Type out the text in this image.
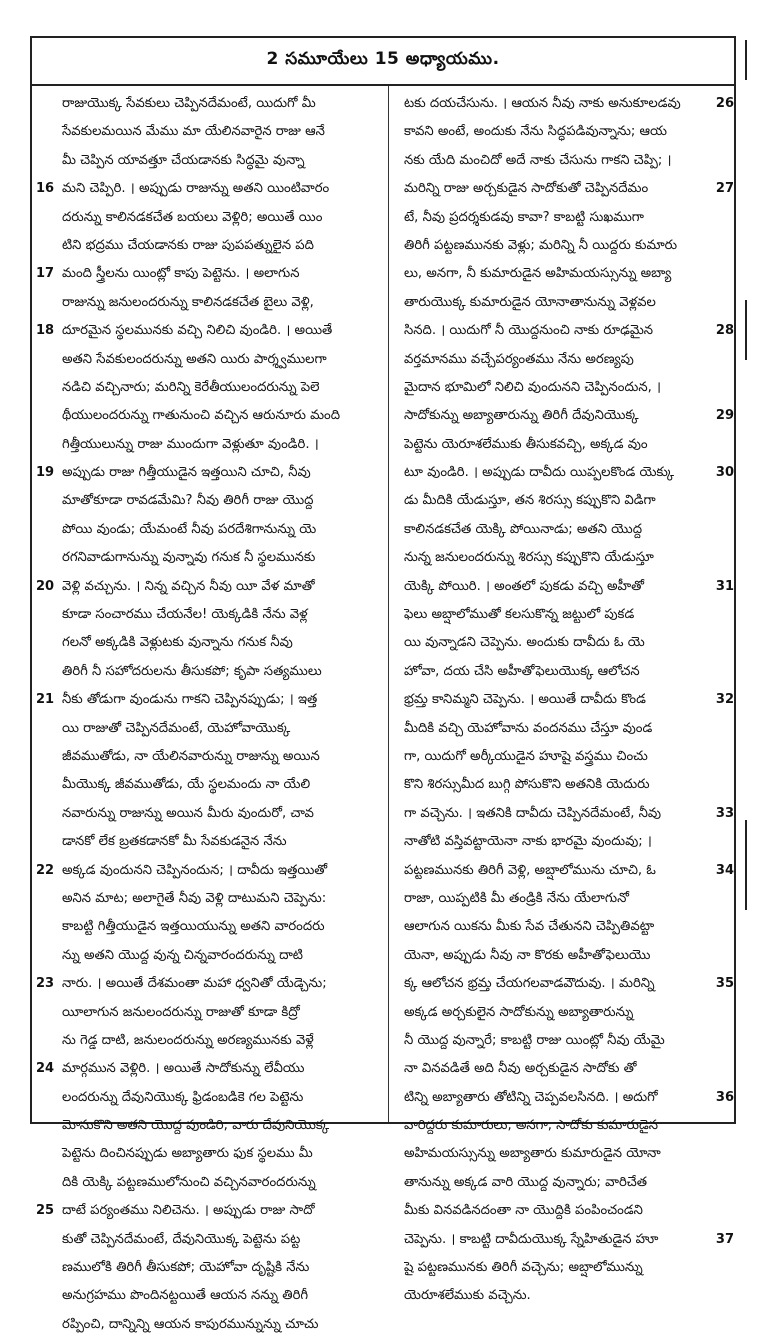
2 సమూయేలు 15 అధ్యాయము.
రాజుయొక్క సేవకులు చెప్పినదేమంటే, యిదుగో మీ
సేవకులమయిన మేము మా యేలినవారైన రాజు ఆనే
మీ చెప్పిన యావత్తూ చేయడానకు సిద్ధమై వున్నా
16 మని చెప్పిరి. । అప్పుడు రాజున్ను అతని యింటివారం
దరున్ను కాలినడకచేత బయలు వెళ్లిరి; అయితే యిం
టిని భద్రము చేయడానకు రాజు పుపపత్నులైన పది
17 మంది స్త్రీలను యింట్లో కాపు పెట్టెను. । అలాగున
రాజున్ను జనులందరున్ను కాలినడకచేత బైలు వెళ్లి,
18 దూరమైన స్థలమునకు వచ్చి నిలిచి వుండిరి. । అయితే
అతని సేవకులందరున్ను అతని యిరు పార్శ్వములగా
నడిచి వచ్చినారు; మరిన్ని కెరేతీయులందరున్ను పెలె
థీయులందరున్ను గాతునుంచి వచ్చిన ఆరునూరు మంది
గిత్తీయులున్ను రాజు ముందుగా వెళ్లుతూ వుండిరి. ।
19 అప్పుడు రాజు గిత్తీయుడైన ఇత్తయిని చూచి, నీవు
మాతోకూడా రావడమేమి? నీవు తిరిగీ రాజు యొద్ద
పోయి వుండు; యేమంటే నీవు పరదేశిగానున్ను యె
రగనివాడుగానున్ను వున్నావు గనుక నీ స్థలమునకు
20 వెళ్లి వచ్చును. । నిన్న వచ్చిన నీవు యీ వేళ మాతో
కూడా సంచారము చేయనేల! యెక్కడికి నేను వెళ్ల
గలనో అక్కడికి వెళ్లుటకు వున్నాను గనుక నీవు
తిరిగీ నీ సహోదరులను తీసుకపో; కృపా సత్యములు
21 నీకు తోడుగా వుండును గాకని చెప్పినప్పుడు; । ఇత్త
యి రాజుతో చెప్పినదేమంటే, యెహోవాయొక్క
జీవముతోడు, నా యేలినవారున్ను రాజున్ను అయిన
మీయొక్క జీవముతోడు, యే స్థలమందు నా యేలి
నవారున్ను రాజున్ను అయిన మీరు వుందురో, చావ
డానకో లేక బ్రతకడానకో మీ సేవకుడనైన నేను
22 అక్కడ వుందునని చెప్పినందున; । దావీదు ఇత్తయితో
అనిన మాట; అలాగైతే నీవు వెళ్లి దాటుమని చెప్పెను:
కాబట్టి గిత్తీయుడైన ఇత్తయియున్ను అతని వారందరు
న్ను అతని యొద్ద వున్న చిన్నవారందరున్ను దాటి
23 నారు. । అయితే దేశమంతా మహా ధ్వనితో యేడ్చెను;
యీలాగున జనులందరున్ను రాజుతో కూడా కిద్రో
ను గెడ్డ దాటి, జనులందరున్ను అరణ్యమునకు వెళ్లే
24 మార్గమున వెళ్లిరి. । అయితే సాదోకున్ను లేవీయు
లందరున్ను దేవునియొక్క ఫ్రిడంబడికె గల పెట్టెను
మోసుకొని అతని యొద్ద వుండిరి; వారు దేవునియొక్క
పెట్టెను దించినప్పుడు అబ్యాతారు ఫుక స్థలము మీ
దికి యెక్కి పట్టణములోనుంచి వచ్చినవారందరున్ను
25 దాటే పర్యంతము నిలిచెను. । అప్పుడు రాజు సాదో
కుతో చెప్పినదేమంటే, దేవునియొక్క పెట్టెను పట్ట
ణములోకి తిరిగీ తీసుకపో; యెహోవా దృష్టికి నేను
అనుగ్రహము పొందినట్టయితే ఆయన నన్ను తిరిగీ
రప్పించి, దాన్నిన్ని ఆయన కాపురమున్నున్ను చూచు
26
టకు దయచేసును. । ఆయన నీవు నాకు అనుకూలడవు
కావని అంటే, అందుకు నేను సిద్ధపడివున్నాను; ఆయ
నకు యేది మంచిదో అదే నాకు చేసును గాకని చెప్పి; ।
27
మరిన్ని రాజు అర్చకుడైన సాదోకుతో చెప్పినదేమం
టే, నీవు ప్రదర్శకుడవు కావా? కాబట్టి సుఖముగా
తిరిగీ పట్టణమునకు వెళ్లు; మరిన్ని నీ యిద్దరు కుమారు
లు, అనగా, నీ కుమారుడైన అహిమయస్సున్ను అబ్యా
తారుయొక్క కుమారుడైన యోనాతానున్ను వెళ్లవల
28
సినది. । యిదుగో నీ యొద్దనుంచి నాకు రూఢమైన
వర్తమానము వచ్చేపర్యంతము నేను అరణ్యపు
మైదాన భూమిలో నిలిచి వుందునని చెప్పినందున, ।
29
సాదోకున్ను అబ్యాతారున్ను తిరిగీ దేవునియొక్క
పెట్టెను యెరూశలేముకు తీసుకవచ్చి, అక్కడ వుం
30
టూ వుండిరి. । అప్పుడు దావీదు యిప్పలకొండ యెక్కు
డు మీదికి యేడుస్తూ, తన శిరస్సు కప్పుకొని విడిగా
కాలినడకచేత యెక్కి పోయినాడు; అతని యొద్ద
నున్న జనులందరున్ను శిరస్సు కప్పుకొని యేడుస్తూ
31
యెక్కి పోయిరి. । అంతలో పుకడు వచ్చి అహీతో
ఫెలు అబ్షాలోముతో కలసుకొన్న జట్టులో పుకడ
యి వున్నాడని చెప్పెను. అందుకు దావీదు ఓ యె
హోవా, దయ చేసి అహీతోఫెలుయొక్క ఆలోచన
32
భ్రమ్త కానిమ్మని చెప్పెను. । అయితే దావీదు కొండ
మీదికి వచ్చి యెహోవాను వందనము చేస్తూ వుండ
గా, యిదుగో అర్కీయుడైన హూషై వస్త్రము చించు
కొని శిరస్సుమీద బుగ్గి పోసుకొని అతనికి యెదురు
33
గా వచ్చెను. । ఇతనికి దావీదు చెప్పినదేమంటే, నీవు
నాతోటి వస్తివట్టాయెనా నాకు భారమై వుందువు; ।
34
పట్టణమునకు తిరిగీ వెళ్లి, అబ్షాలోమును చూచి, ఓ
రాజా, యిప్పటికి మీ తండ్రికి నేను యేలాగునో
ఆలాగున యికను మీకు సేవ చేతునని చెప్పితివట్టా
యెనా, అప్పుడు నీవు నా కొరకు అహీతోఫెలుయొ
35
క్క ఆలోచన భ్రమ్త చేయగలవాడవౌదువు. । మరిన్ని
అక్కడ అర్చకులైన సాదోకున్ను అబ్యాతారున్ను
నీ యొద్ద వున్నారే; కాబట్టి రాజు యింట్లో నీవు యేమై
నా వినవడితే అది నీవు అర్చకుడైన సాదోకు తో
36
టిన్ని అబ్యాతారు తోటిన్ని చెప్పవలసినది. । అదుగో
వారిద్దరు కుమారులు, అనగా, సాదోకు కుమారుడైన
అహిమయస్సున్ను అబ్యాతారు కుమారుడైన యోనా
తానున్ను అక్కడ వారి యొద్ద వున్నారు; వారిచేత
మీకు వినవడినదంతా నా యొద్దికి పంపించండని
37
చెప్పెను. । కాబట్టి దావీదుయొక్క స్నేహితుడైన హూ
షై పట్టణమునకు తిరిగీ వచ్చెను; అబ్షాలోమున్ను
యెరూశలేముకు వచ్చెను.
